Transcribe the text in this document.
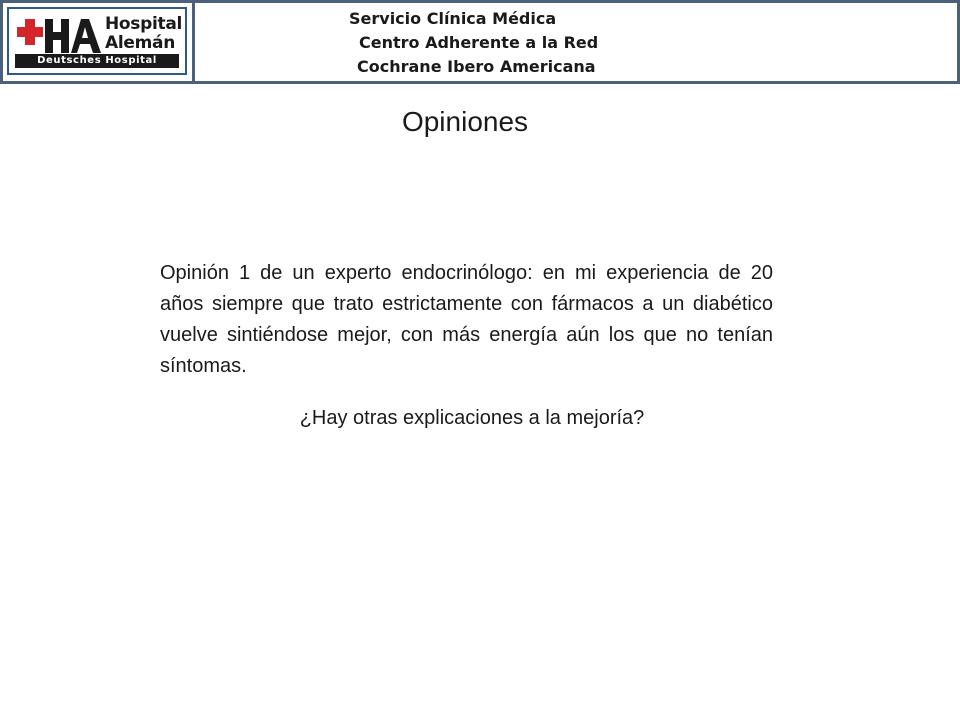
Hospital
Alemán
Deutsches Hospital
Servicio Clínica Médica
Centro Adherente a la Red
Cochrane Ibero Americana
Opiniones
Opinión 1 de un experto endocrinólogo: en mi experiencia de 20 años siempre que trato estrictamente con fármacos a un diabético vuelve sintiéndose mejor, con más energía aún los que no tenían síntomas.
¿Hay otras explicaciones a la mejoría?
